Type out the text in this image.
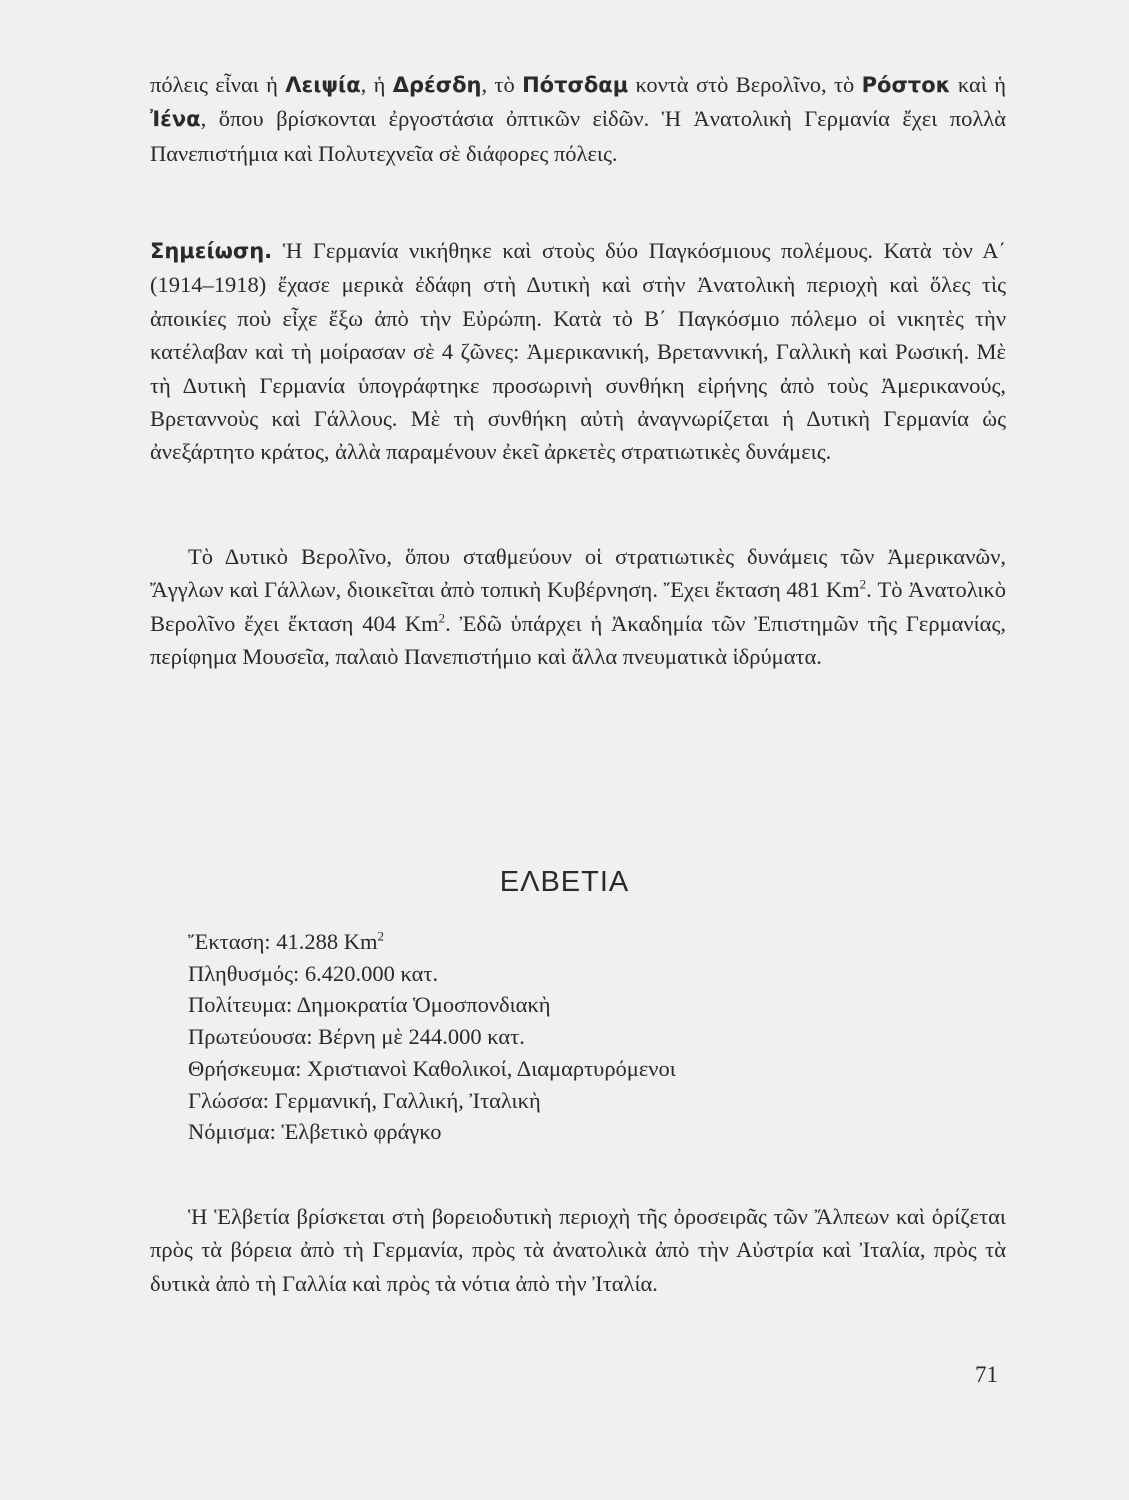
πόλεις εἶναι ἡ Λειψία, ἡ Δρέσδη, τὸ Πότσδαμ κοντὰ στὸ Βερολῖνο, τὸ Ρόστοκ καὶ ἡ Ἰένα, ὅπου βρίσκονται ἐργοστάσια ὀπτικῶν εἰδῶν. Ἡ Ἀνατολικὴ Γερμανία ἔχει πολλὰ Πανεπιστήμια καὶ Πολυτεχνεῖα σὲ διάφορες πόλεις.

Σημείωση. Ἡ Γερμανία νικήθηκε καὶ στοὺς δύο Παγκόσμιους πολέμους. Κατὰ τὸν Α΄ (1914–1918) ἔχασε μερικὰ ἐδάφη στὴ Δυτικὴ καὶ στὴν Ἀνατολικὴ περιοχὴ καὶ ὅλες τὶς ἀποικίες ποὺ εἶχε ἔξω ἀπὸ τὴν Εὐρώπη. Κατὰ τὸ Β΄ Παγκόσμιο πόλεμο οἱ νικητὲς τὴν κατέλαβαν καὶ τὴ μοίρασαν σὲ 4 ζῶνες: Ἀμερικανική, Βρεταννική, Γαλλικὴ καὶ Ρωσική. Μὲ τὴ Δυτικὴ Γερμανία ὑπογράφτηκε προσωρινὴ συνθήκη εἰρήνης ἀπὸ τοὺς Ἀμερικανούς, Βρεταννοὺς καὶ Γάλλους. Μὲ τὴ συνθήκη αὐτὴ ἀναγνωρίζεται ἡ Δυτικὴ Γερμανία ὡς ἀνεξάρτητο κράτος, ἀλλὰ παραμένουν ἐκεῖ ἀρκετὲς στρατιωτικὲς δυνάμεις.

Τὸ Δυτικὸ Βερολῖνο, ὅπου σταθμεύουν οἱ στρατιωτικὲς δυνάμεις τῶν Ἀμερικανῶν, Ἄγγλων καὶ Γάλλων, διοικεῖται ἀπὸ τοπικὴ Κυβέρνηση. Ἔχει ἔκταση 481 Km$^2$. Τὸ Ἀνατολικὸ Βερολῖνο ἔχει ἔκταση 404 Km$^2$. Ἐδῶ ὑπάρχει ἡ Ἀκαδημία τῶν Ἐπιστημῶν τῆς Γερμανίας, περίφημα Μουσεῖα, παλαιὸ Πανεπιστήμιο καὶ ἄλλα πνευματικὰ ἱδρύματα.

ΕΛΒΕΤΙΑ
Ἔκταση: 41.288 Km$^2$
Πληθυσμός: 6.420.000 κατ.
Πολίτευμα: Δημοκρατία Ὁμοσπονδιακὴ
Πρωτεύουσα: Βέρνη μὲ 244.000 κατ.
Θρήσκευμα: Χριστιανοὶ Καθολικοί, Διαμαρτυρόμενοι
Γλώσσα: Γερμανική, Γαλλική, Ἰταλικὴ
Νόμισμα: Ἑλβετικὸ φράγκο

Ἡ Ἑλβετία βρίσκεται στὴ βορειοδυτικὴ περιοχὴ τῆς ὀροσειρᾶς τῶν Ἄλπεων καὶ ὁρίζεται πρὸς τὰ βόρεια ἀπὸ τὴ Γερμανία, πρὸς τὰ ἀνατολικὰ ἀπὸ τὴν Αὐστρία καὶ Ἰταλία, πρὸς τὰ δυτικὰ ἀπὸ τὴ Γαλλία καὶ πρὸς τὰ νότια ἀπὸ τὴν Ἰταλία.

71
